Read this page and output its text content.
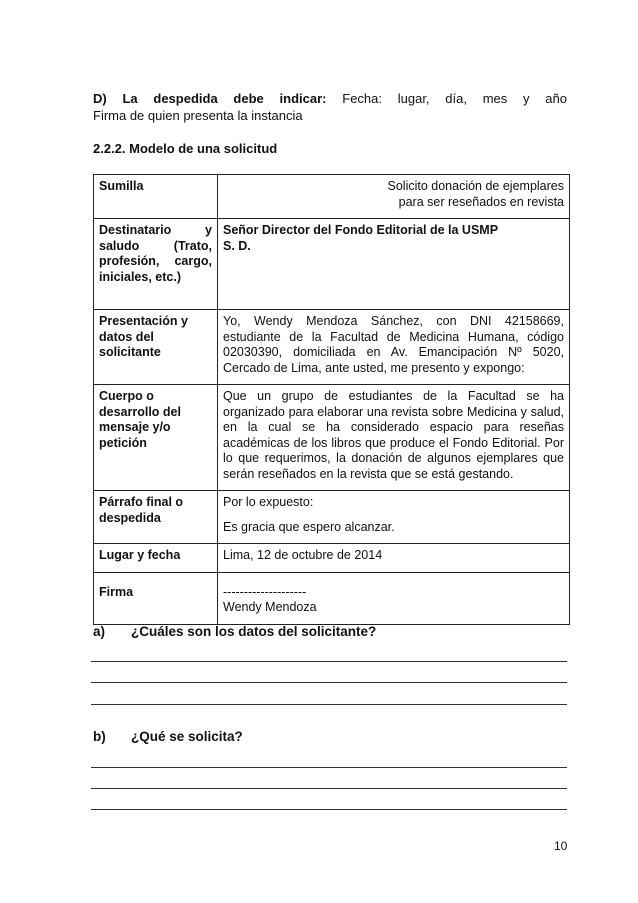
D) La despedida debe indicar: Fecha: lugar, día, mes y año
Firma de quien presenta la instancia
2.2.2. Modelo de una solicitud
Sumilla	Solicito donación de ejemplares
para ser reseñados en revista

Destinatario y saludo (Trato, profesión, cargo, iniciales, etc.)	Señor Director del Fondo Editorial de la USMP
S. D.

Presentación y datos del solicitante	Yo, Wendy Mendoza Sánchez, con DNI 42158669, estudiante de la Facultad de Medicina Humana, código 02030390, domiciliada en Av. Emancipación Nº 5020, Cercado de Lima, ante usted, me presento y expongo:
Cuerpo o desarrollo del mensaje y/o petición	Que un grupo de estudiantes de la Facultad se ha organizado para elaborar una revista sobre Medicina y salud, en la cual se ha considerado espacio para reseñas académicas de los libros que produce el Fondo Editorial. Por lo que requerimos, la donación de algunos ejemplares que serán reseñados en la revista que se está gestando.
Párrafo final o despedida	Por lo expuesto:
Es gracia que espero alcanzar.

Lugar y fecha	Lima, 12 de octubre de 2014
Firma	--------------------
Wendy Mendoza
a) ¿Cuáles son los datos del solicitante?
b) ¿Qué se solicita?
10
